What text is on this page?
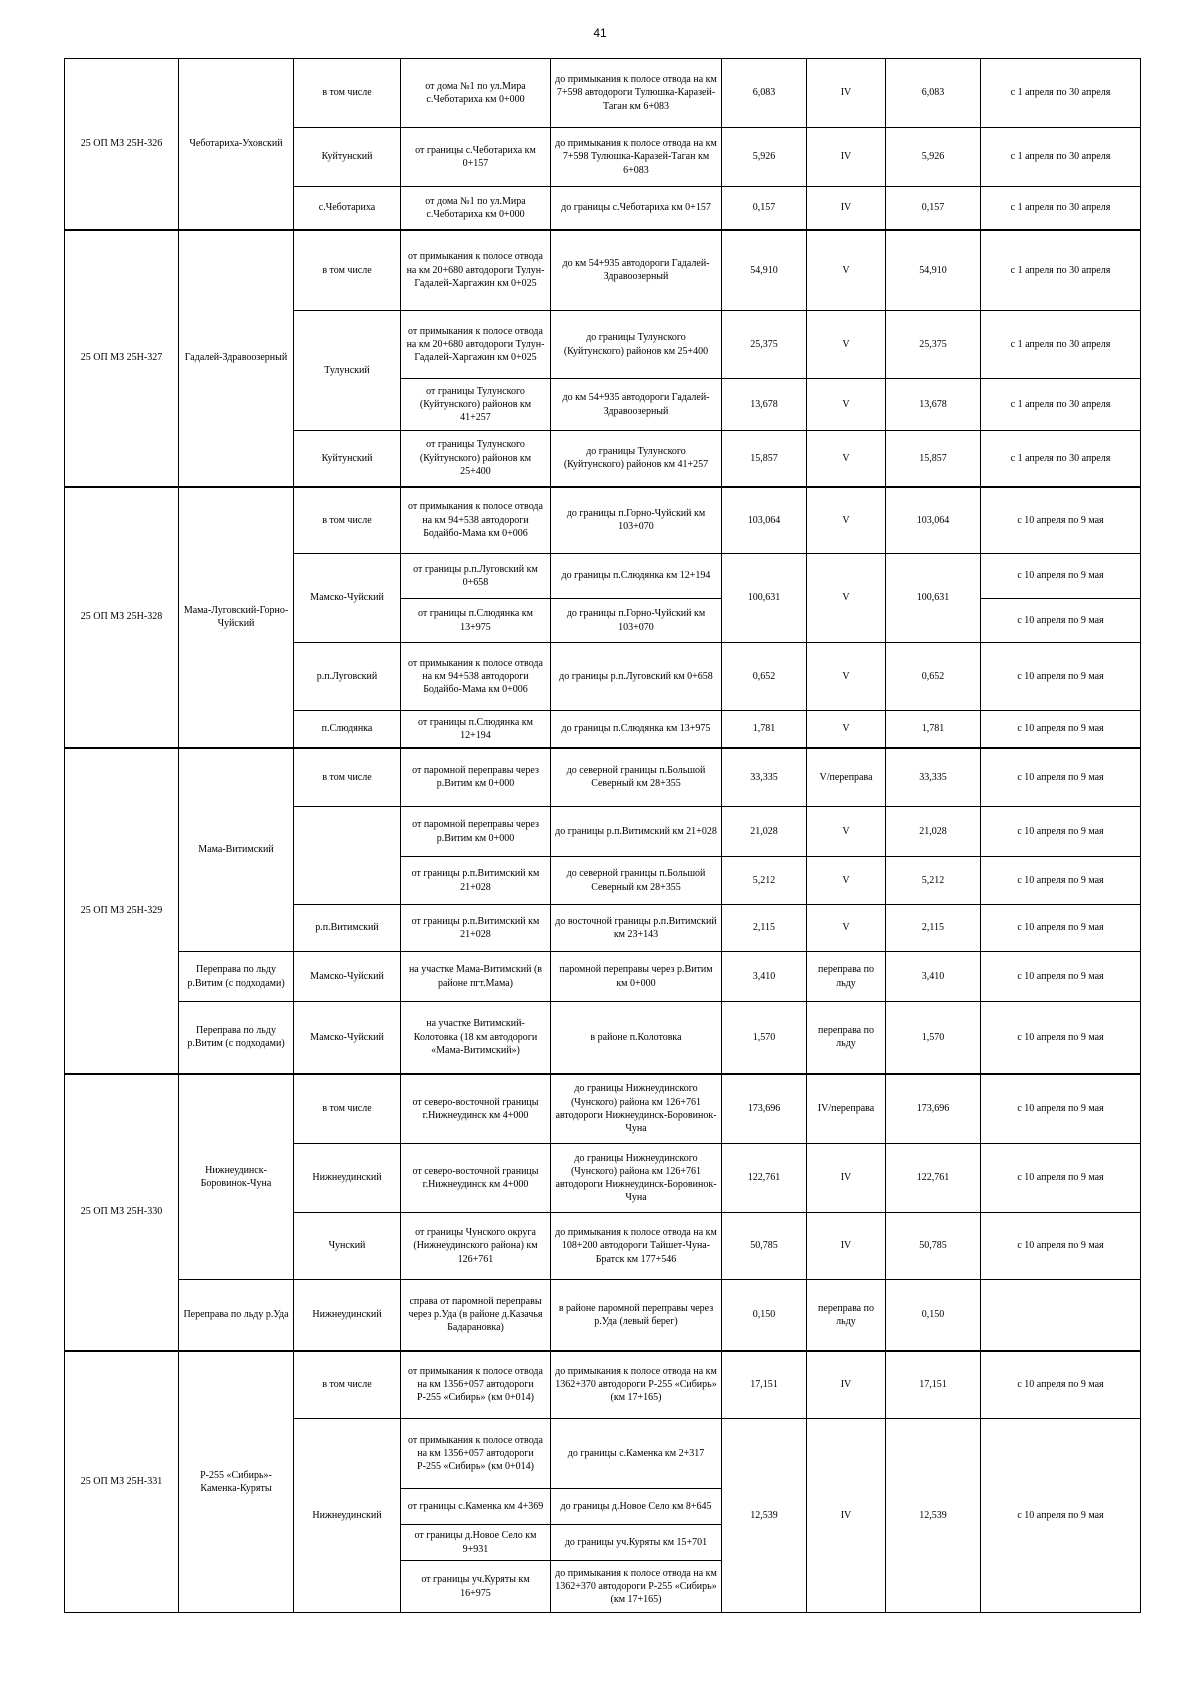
41
25 ОП МЗ 25Н-326	Чеботариха-Уховский	в том числе	от дома №1 по ул.Мира с.Чеботариха км 0+000	до примыкания к полосе отвода на км 7+598 автодороги Тулюшка-Каразей-Таган км 6+083	6,083	IV	6,083	с 1 апреля по 30 апреля
		Куйтунский	от границы с.Чеботариха км 0+157	до примыкания к полосе отвода на км 7+598 Тулюшка-Каразей-Таган км 6+083	5,926	IV	5,926	с 1 апреля по 30 апреля
		с.Чеботариха	от дома №1 по ул.Мира с.Чеботариха км 0+000	до границы с.Чеботариха км 0+157	0,157	IV	0,157	с 1 апреля по 30 апреля
25 ОП МЗ 25Н-327	Гадалей-Здравоозерный	в том числе	от примыкания к полосе отвода на км 20+680 автодороги Тулун-Гадалей-Харгажин км 0+025	до км 54+935 автодороги Гадалей-Здравоозерный	54,910	V	54,910	с 1 апреля по 30 апреля
		Тулунский	от примыкания к полосе отвода на км 20+680 автодороги Тулун-Гадалей-Харгажин км 0+025	до границы Тулунского (Куйтунского) районов км 25+400	25,375	V	25,375	с 1 апреля по 30 апреля
			от границы Тулунского (Куйтунского) районов км 41+257	до км 54+935 автодороги Гадалей-Здравоозерный	13,678	V	13,678	с 1 апреля по 30 апреля
		Куйтунский	от границы Тулунского (Куйтунского) районов км 25+400	до границы Тулунского (Куйтунского) районов км 41+257	15,857	V	15,857	с 1 апреля по 30 апреля
25 ОП МЗ 25Н-328	Мама-Луговский-Горно-Чуйский	в том числе	от примыкания к полосе отвода на км 94+538 автодороги Бодайбо-Мама км 0+006	до границы п.Горно-Чуйский км 103+070	103,064	V	103,064	с 10 апреля по 9 мая
		Мамско-Чуйский	от границы р.п.Луговский км 0+658	до границы п.Слюдянка км 12+194	100,631	V	100,631	с 10 апреля по 9 мая
			от границы п.Слюдянка км 13+975	до границы п.Горно-Чуйский км 103+070				с 10 апреля по 9 мая
		р.п.Луговский	от примыкания к полосе отвода на км 94+538 автодороги Бодайбо-Мама км 0+006	до границы р.п.Луговский км 0+658	0,652	V	0,652	с 10 апреля по 9 мая
		п.Слюдянка	от границы п.Слюдянка км 12+194	до границы п.Слюдянка км 13+975	1,781	V	1,781	с 10 апреля по 9 мая
25 ОП МЗ 25Н-329	Мама-Витимский	в том числе	от паромной переправы через р.Витим км 0+000	до северной границы п.Большой Северный км 28+355	33,335	V/переправа	33,335	с 10 апреля по 9 мая
			от паромной переправы через р.Витим км 0+000	до границы р.п.Витимский км 21+028	21,028	V	21,028	с 10 апреля по 9 мая
			от границы р.п.Витимский км 21+028	до северной границы п.Большой Северный км 28+355	5,212	V	5,212	с 10 апреля по 9 мая
		р.п.Витимский	от границы р.п.Витимский км 21+028	до восточной границы р.п.Витимский км 23+143	2,115	V	2,115	с 10 апреля по 9 мая
	Переправа по льду р.Витим (с подходами)	Мамско-Чуйский	на участке Мама-Витимский (в районе пгт.Мама)	паромной переправы через р.Витим км 0+000	3,410	переправа по льду	3,410	с 10 апреля по 9 мая
	Переправа по льду р.Витим (с подходами)	Мамско-Чуйский	на участке Витимский-Колотовка (18 км автодороги «Мама-Витимский»)	в районе п.Колотовка	1,570	переправа по льду	1,570	с 10 апреля по 9 мая
25 ОП МЗ 25Н-330	Нижнеудинск-Боровинок-Чуна	в том числе	от северо-восточной границы г.Нижнеудинск км 4+000	до границы Нижнеудинского (Чунского) района км 126+761 автодороги Нижнеудинск-Боровинок-Чуна	173,696	IV/переправа	173,696	с 10 апреля по 9 мая
		Нижнеудинский	от северо-восточной границы г.Нижнеудинск км 4+000	до границы Нижнеудинского (Чунского) района км 126+761 автодороги Нижнеудинск-Боровинок-Чуна	122,761	IV	122,761	с 10 апреля по 9 мая
		Чунский	от границы Чунского округа (Нижнеудинского района) км 126+761	до примыкания к полосе отвода на км 108+200 автодороги Тайшет-Чуна-Братск км 177+546	50,785	IV	50,785	с 10 апреля по 9 мая
	Переправа по льду р.Уда	Нижнеудинский	справа от паромной переправы через р.Уда (в районе д.Казачья Бадарановка)	в районе паромной переправы через р.Уда (левый берег)	0,150	переправа по льду	0,150	
25 ОП МЗ 25Н-331	Р-255 «Сибирь»-Каменка-Куряты	в том числе	от примыкания к полосе отвода на км 1356+057 автодороги Р-255 «Сибирь» (км 0+014)	до примыкания к полосе отвода на км 1362+370 автодороги Р-255 «Сибирь» (км 17+165)	17,151	IV	17,151	с 10 апреля по 9 мая
		Нижнеудинский	от примыкания к полосе отвода на км 1356+057 автодороги Р-255 «Сибирь» (км 0+014)	до границы с.Каменка км 2+317	12,539	IV	12,539	с 10 апреля по 9 мая
			от границы с.Каменка км 4+369	до границы д.Новое Село км 8+645				
			от границы д.Новое Село км 9+931	до границы уч.Куряты км 15+701				
			от границы уч.Куряты км 16+975	до примыкания к полосе отвода на км 1362+370 автодороги Р-255 «Сибирь» (км 17+165)				
